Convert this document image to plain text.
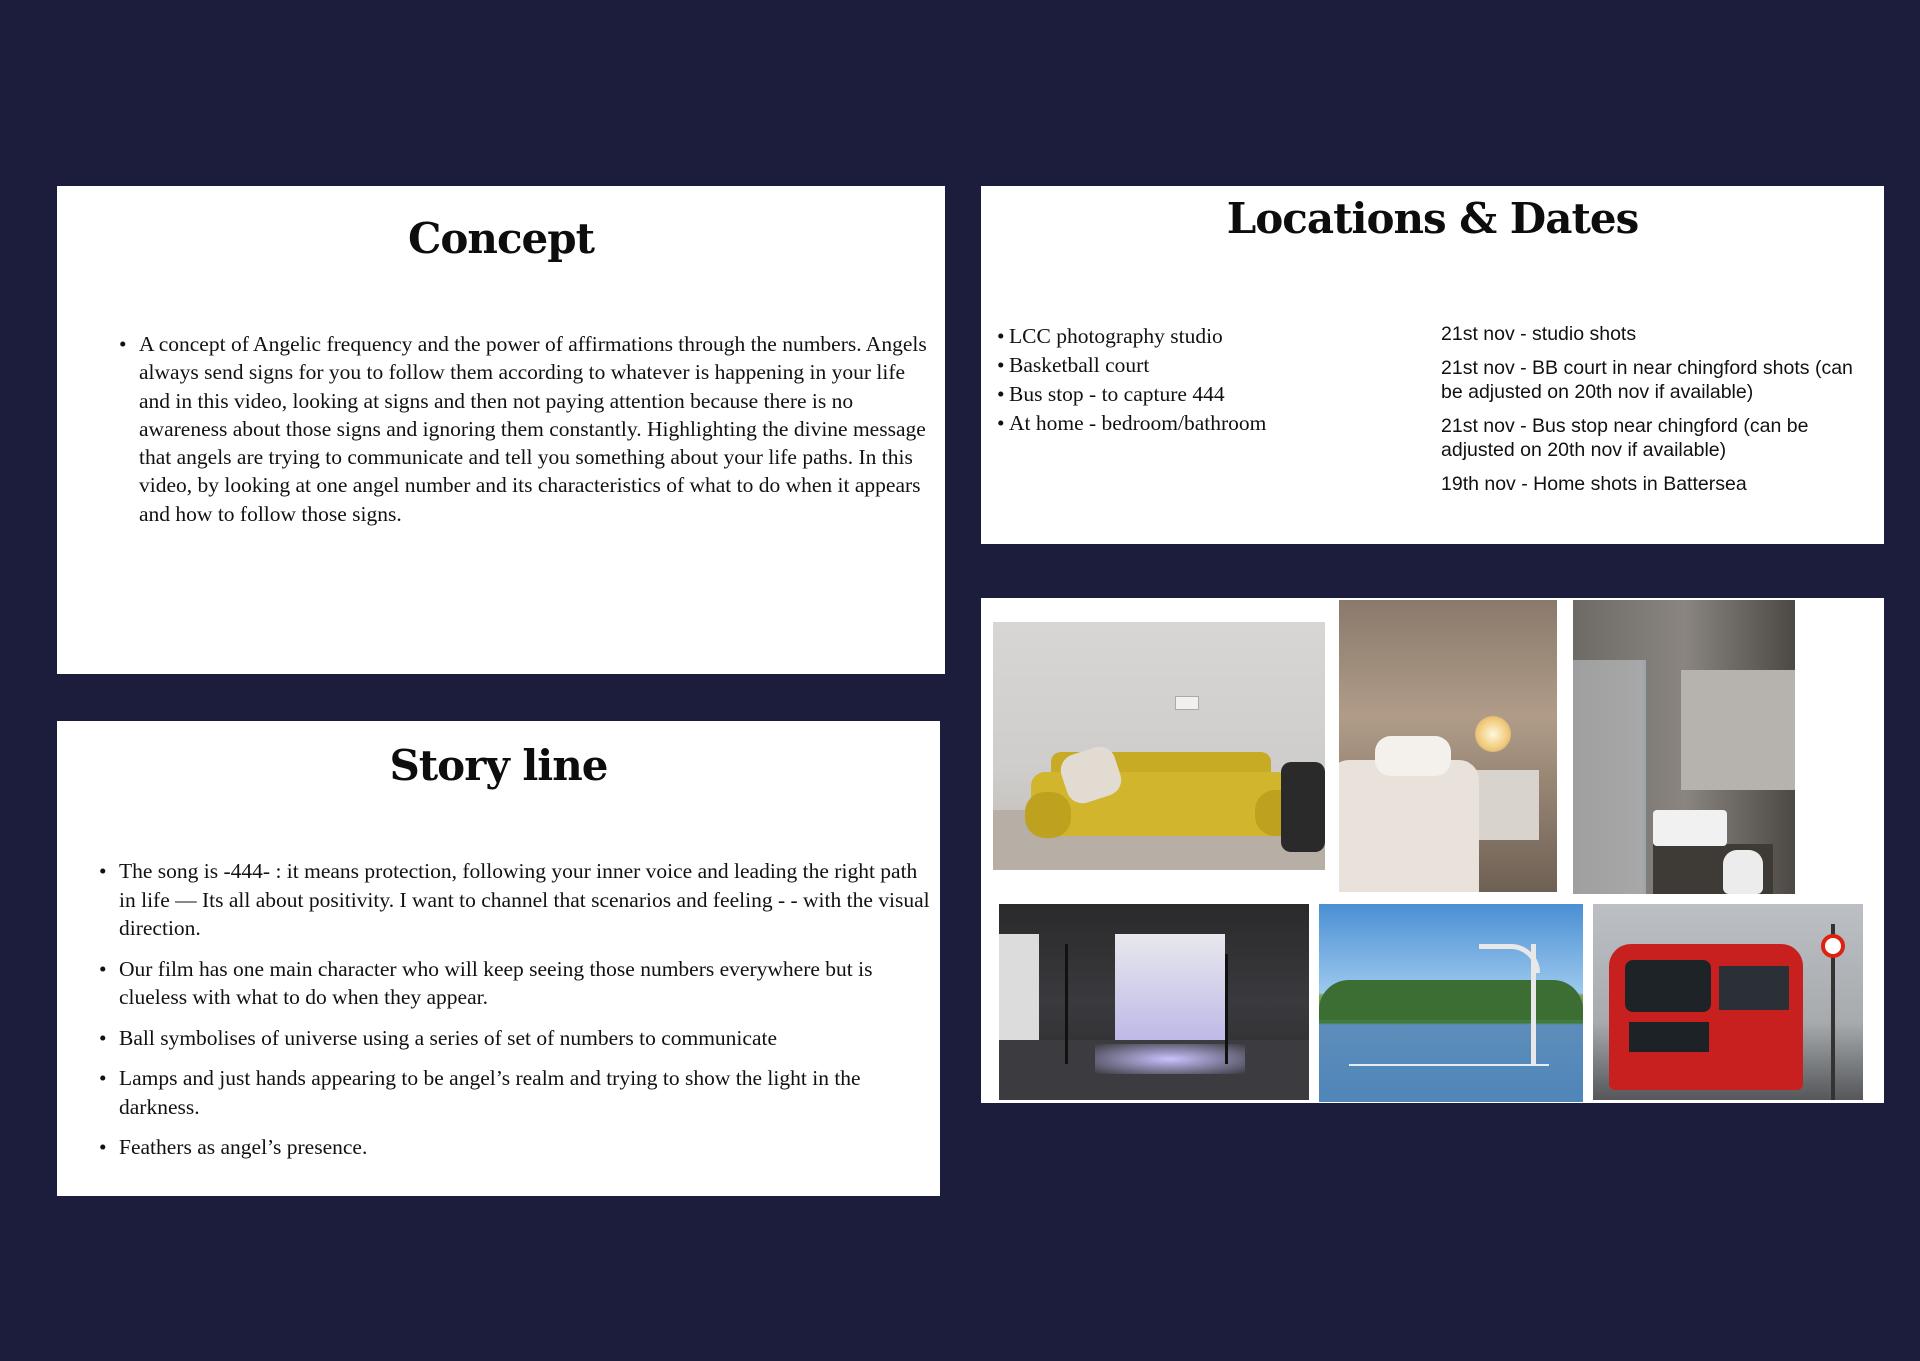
Concept
• A concept of Angelic frequency and the power of affirmations through the numbers. Angels always send signs for you to follow them according to whatever is happening in your life and in this video, looking at signs and then not paying attention because there is no awareness about those signs and ignoring them constantly. Highlighting the divine message that angels are trying to communicate and tell you something about your life paths. In this video, by looking at one angel number and its characteristics of what to do when it appears and how to follow those signs.
Story line
• The song is -444- : it means protection, following your inner voice and leading the right path in life — Its all about positivity. I want to channel that scenarios and feeling - - with the visual direction.
• Our film has one main character who will keep seeing those numbers everywhere but is clueless with what to do when they appear.
• Ball symbolises of universe using a series of set of numbers to communicate
• Lamps and just hands appearing to be angel’s realm and trying to show the light in the darkness.
• Feathers as angel’s presence.
Locations & Dates
• LCC photography studio
• Basketball court
• Bus stop - to capture 444
• At home - bedroom/bathroom
21st nov - studio shots
21st nov - BB court in near chingford shots (can be adjusted on 20th nov if available)
21st nov - Bus stop near chingford (can be adjusted on 20th nov if available)
19th nov - Home shots in Battersea
